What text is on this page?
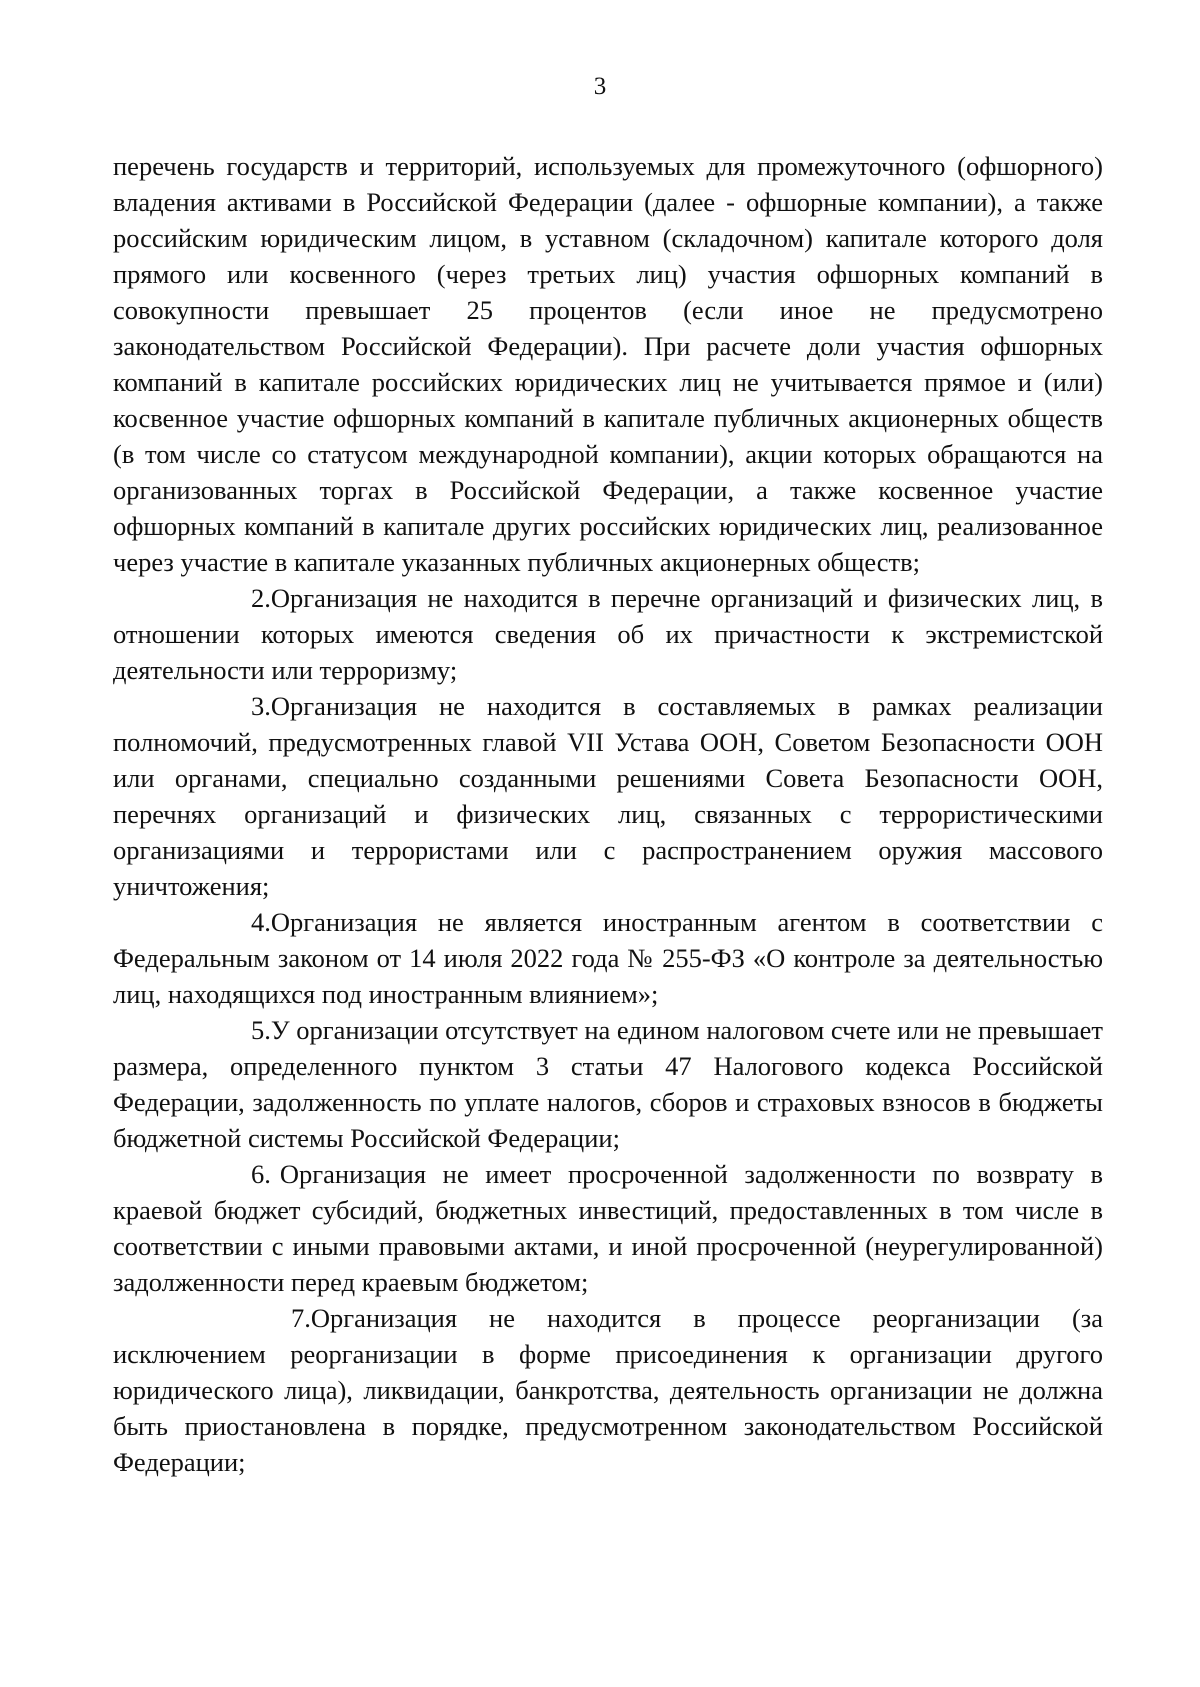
3

перечень государств и территорий, используемых для промежуточного (офшорного) владения активами в Российской Федерации (далее - офшорные компании), а также российским юридическим лицом, в уставном (складочном) капитале которого доля прямого или косвенного (через третьих лиц) участия офшорных компаний в совокупности превышает 25 процентов (если иное не предусмотрено законодательством Российской Федерации). При расчете доли участия офшорных компаний в капитале российских юридических лиц не учитывается прямое и (или) косвенное участие офшорных компаний в капитале публичных акционерных обществ (в том числе со статусом международной компании), акции которых обращаются на организованных торгах в Российской Федерации, а также косвенное участие офшорных компаний в капитале других российских юридических лиц, реализованное через участие в капитале указанных публичных акционерных обществ;

2.Организация не находится в перечне организаций и физических лиц, в отношении которых имеются сведения об их причастности к экстремистской деятельности или терроризму;

3.Организация не находится в составляемых в рамках реализации полномочий, предусмотренных главой VII Устава ООН, Советом Безопасности ООН или органами, специально созданными решениями Совета Безопасности ООН, перечнях организаций и физических лиц, связанных с террористическими организациями и террористами или с распространением оружия массового уничтожения;

4.Организация не является иностранным агентом в соответствии с Федеральным законом от 14 июля 2022 года № 255-ФЗ «О контроле за деятельностью лиц, находящихся под иностранным влиянием»;

5.У организации отсутствует на едином налоговом счете или не превышает размера, определенного пунктом 3 статьи 47 Налогового кодекса Российской Федерации, задолженность по уплате налогов, сборов и страховых взносов в бюджеты бюджетной системы Российской Федерации;

6. Организация не имеет просроченной задолженности по возврату в краевой бюджет субсидий, бюджетных инвестиций, предоставленных в том числе в соответствии с иными правовыми актами, и иной просроченной (неурегулированной) задолженности перед краевым бюджетом;

7.Организация не находится в процессе реорганизации (за исключением реорганизации в форме присоединения к организации другого юридического лица), ликвидации, банкротства, деятельность организации не должна быть приостановлена в порядке, предусмотренном законодательством Российской Федерации;
